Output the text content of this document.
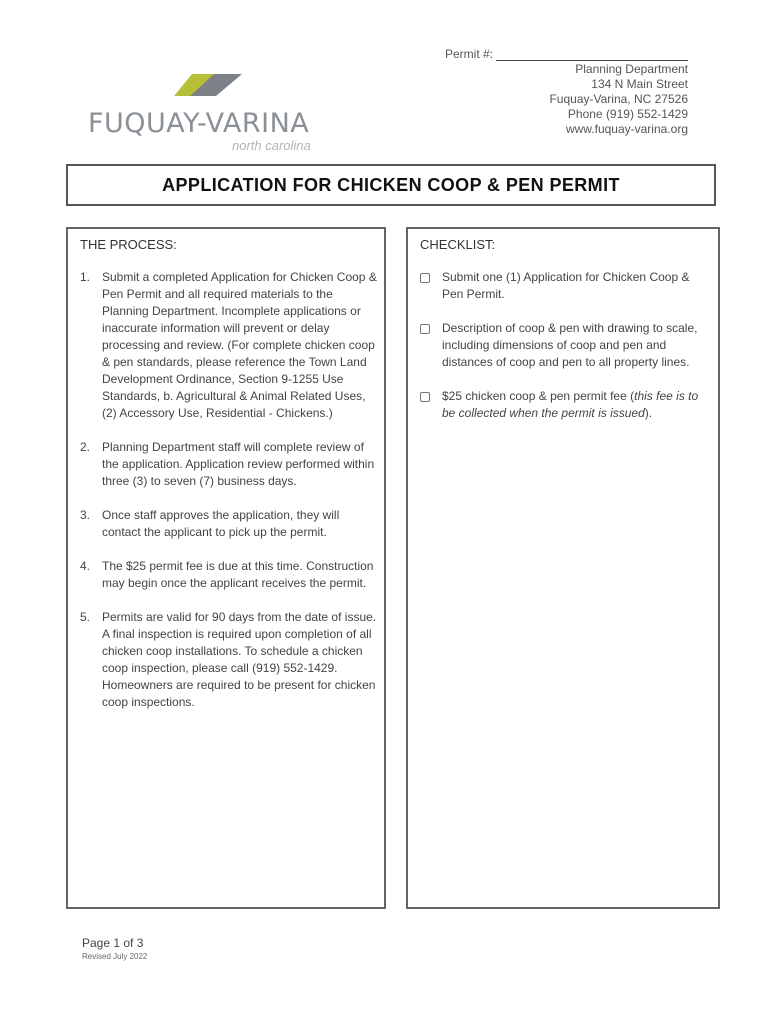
FUQUAY-VARINA
north carolina
Permit #:
Planning Department
134 N Main Street
Fuquay-Varina, NC 27526
Phone (919) 552-1429
www.fuquay-varina.org
APPLICATION FOR CHICKEN COOP & PEN PERMIT
THE PROCESS:
1. Submit a completed Application for Chicken Coop & Pen Permit and all required materials to the Planning Department. Incomplete applications or inaccurate information will prevent or delay processing and review. (For complete chicken coop & pen standards, please reference the Town Land Development Ordinance, Section 9-1255 Use Standards, b. Agricultural & Animal Related Uses, (2) Accessory Use, Residential - Chickens.)
2. Planning Department staff will complete review of the application. Application review performed within three (3) to seven (7) business days.
3. Once staff approves the application, they will contact the applicant to pick up the permit.
4. The $25 permit fee is due at this time. Construction may begin once the applicant receives the permit.
5. Permits are valid for 90 days from the date of issue. A final inspection is required upon completion of all chicken coop installations. To schedule a chicken coop inspection, please call (919) 552-1429. Homeowners are required to be present for chicken coop inspections.
CHECKLIST:
Submit one (1) Application for Chicken Coop & Pen Permit.
Description of coop & pen with drawing to scale, including dimensions of coop and pen and distances of coop and pen to all property lines.
$25 chicken coop & pen permit fee (this fee is to be collected when the permit is issued).
Page 1 of 3
Revised July 2022
